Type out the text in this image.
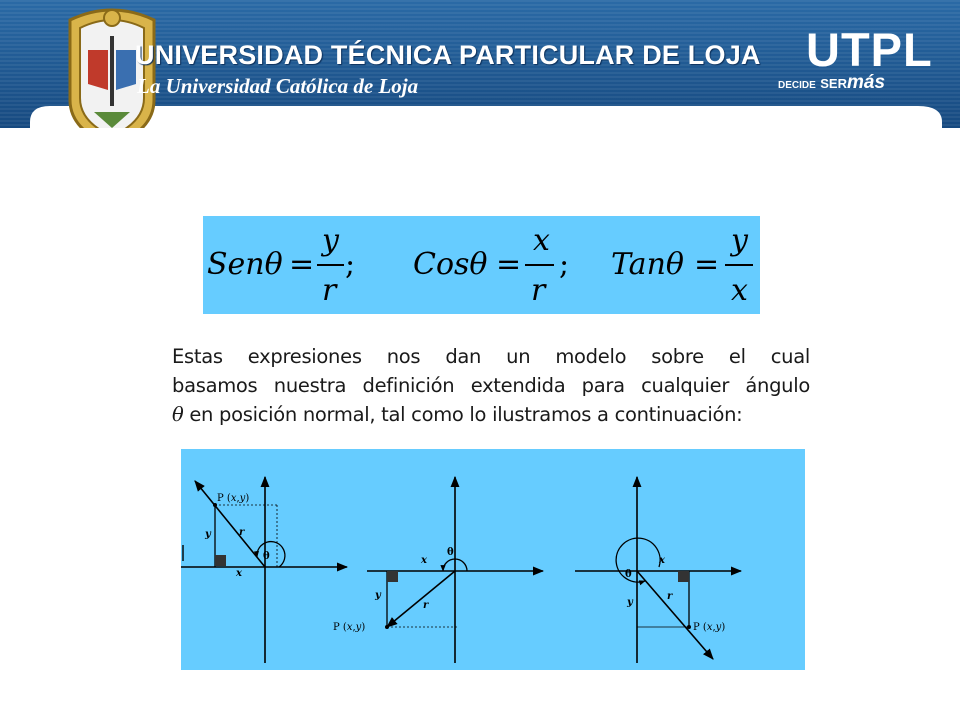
UNIVERSIDAD TÉCNICA PARTICULAR DE LOJA
La Universidad Católica de Loja
UTPL
DECIDE SERmás
Senθ =
y
r
; Cosθ =
x
r
; Tanθ =
y
x
Estas expresiones nos dan un modelo sobre el cual
basamos nuestra definición extendida para cualquier ángulo
θ en posición normal, tal como lo ilustramos a continuación:
P (x,y)
y	r
x
θ
P (x,y)
y
r
x
θ
P (x,y)
y
r
x
θ
